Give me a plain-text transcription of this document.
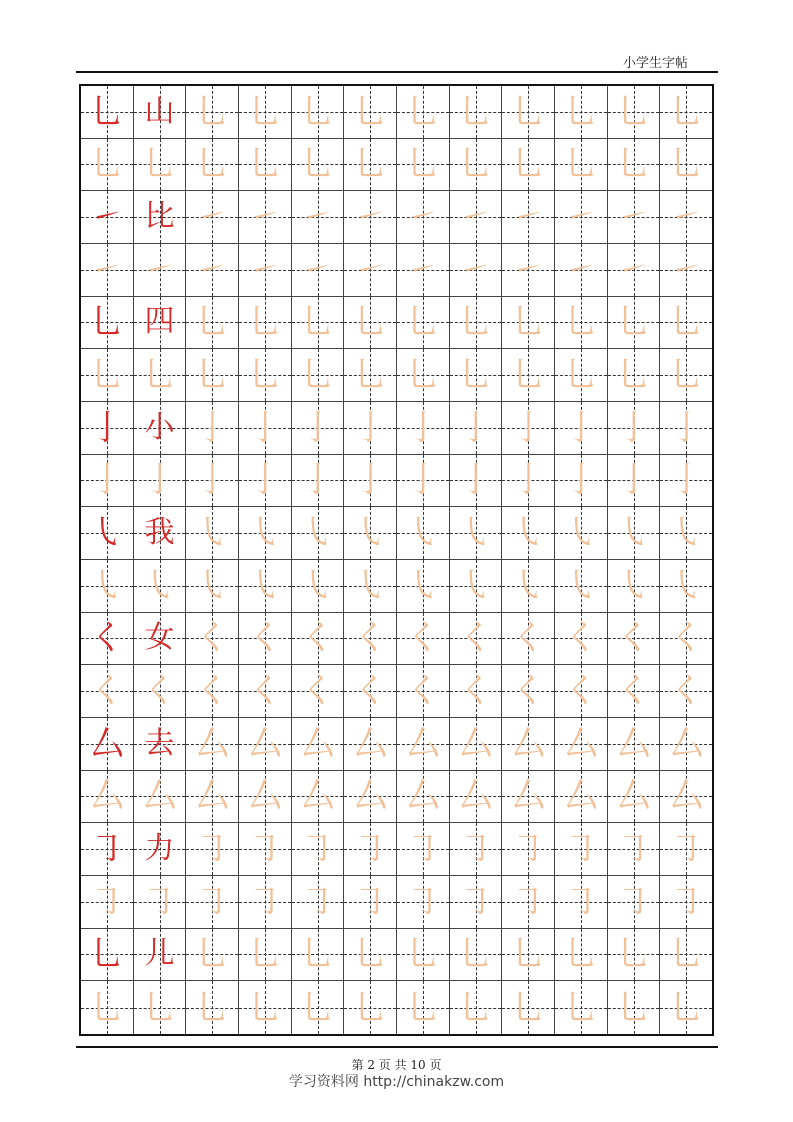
小学生字帖
乚 山 乚 乚 乚 乚 乚 乚 乚 乚 乚 乚
乚 乚 乚 乚 乚 乚 乚 乚 乚 乚 乚 乚
㇀ 比 ㇀ ㇀ ㇀ ㇀ ㇀ ㇀ ㇀ ㇀ ㇀ ㇀
㇀ ㇀ ㇀ ㇀ ㇀ ㇀ ㇀ ㇀ ㇀ ㇀ ㇀ ㇀
乚 四 乚 乚 乚 乚 乚 乚 乚 乚 乚 乚
乚 乚 乚 乚 乚 乚 乚 乚 乚 乚 乚 乚
亅 小 亅 亅 亅 亅 亅 亅 亅 亅 亅 亅
亅 亅 亅 亅 亅 亅 亅 亅 亅 亅 亅 亅
㇂ 我 ㇂ ㇂ ㇂ ㇂ ㇂ ㇂ ㇂ ㇂ ㇂ ㇂
㇂ ㇂ ㇂ ㇂ ㇂ ㇂ ㇂ ㇂ ㇂ ㇂ ㇂ ㇂
く 女 く く く く く く く く く く
く く く く く く く く く く く く
厶 去 厶 厶 厶 厶 厶 厶 厶 厶 厶 厶
厶 厶 厶 厶 厶 厶 厶 厶 厶 厶 厶 厶
㇆ 力 ㇆ ㇆ ㇆ ㇆ ㇆ ㇆ ㇆ ㇆ ㇆ ㇆
㇆ ㇆ ㇆ ㇆ ㇆ ㇆ ㇆ ㇆ ㇆ ㇆ ㇆ ㇆
乚 儿 乚 乚 乚 乚 乚 乚 乚 乚 乚 乚
乚 乚 乚 乚 乚 乚 乚 乚 乚 乚 乚 乚
第 2 页 共 10 页
学习资料网 http://chinakzw.com
